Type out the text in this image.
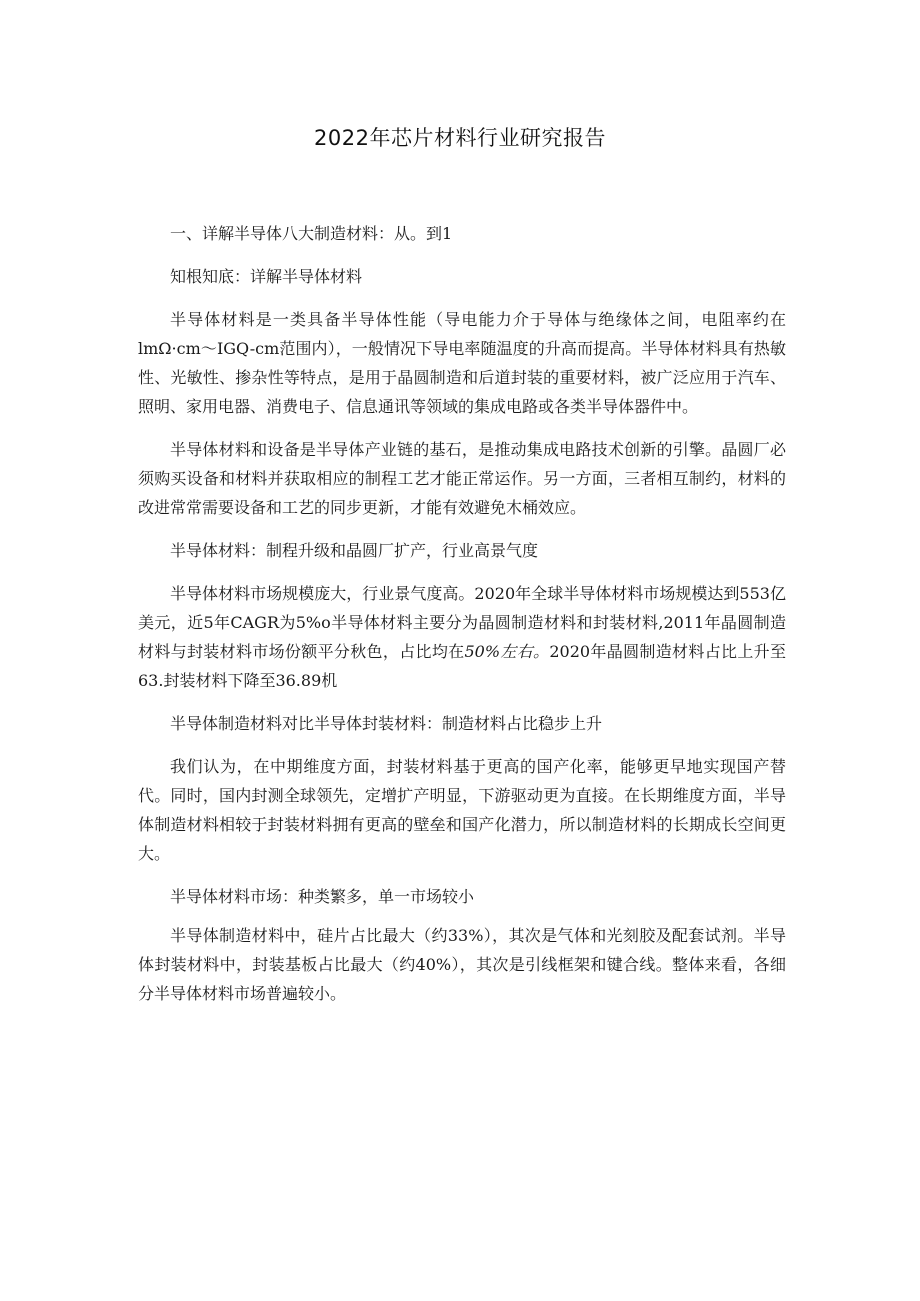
2022年芯片材料行业研究报告

一、详解半导体八大制造材料：从。到1

知根知底：详解半导体材料

半导体材料是一类具备半导体性能（导电能力介于导体与绝缘体之间，电阻率约在lmΩ·cm～IGQ-cm范围内），一般情况下导电率随温度的升高而提高。半导体材料具有热敏性、光敏性、掺杂性等特点，是用于晶圆制造和后道封装的重要材料，被广泛应用于汽车、照明、家用电器、消费电子、信息通讯等领域的集成电路或各类半导体器件中。

半导体材料和设备是半导体产业链的基石，是推动集成电路技术创新的引擎。晶圆厂必须购买设备和材料并获取相应的制程工艺才能正常运作。另一方面，三者相互制约，材料的改进常常需要设备和工艺的同步更新，才能有效避免木桶效应。

半导体材料：制程升级和晶圆厂扩产，行业高景气度

半导体材料市场规模庞大，行业景气度高。2020年全球半导体材料市场规模达到553亿美元，近5年CAGR为5%o半导体材料主要分为晶圆制造材料和封装材料,2011年晶圆制造材料与封装材料市场份额平分秋色，占比均在50%左右。2020年晶圆制造材料占比上升至63.封装材料下降至36.89机

半导体制造材料对比半导体封装材料：制造材料占比稳步上升

我们认为，在中期维度方面，封装材料基于更高的国产化率，能够更早地实现国产替代。同时，国内封测全球领先，定增扩产明显，下游驱动更为直接。在长期维度方面，半导体制造材料相较于封装材料拥有更高的壁垒和国产化潜力，所以制造材料的长期成长空间更大。

半导体材料市场：种类繁多，单一市场较小

半导体制造材料中，硅片占比最大（约33%），其次是气体和光刻胶及配套试剂。半导体封装材料中，封装基板占比最大（约40%），其次是引线框架和键合线。整体来看，各细分半导体材料市场普遍较小。
